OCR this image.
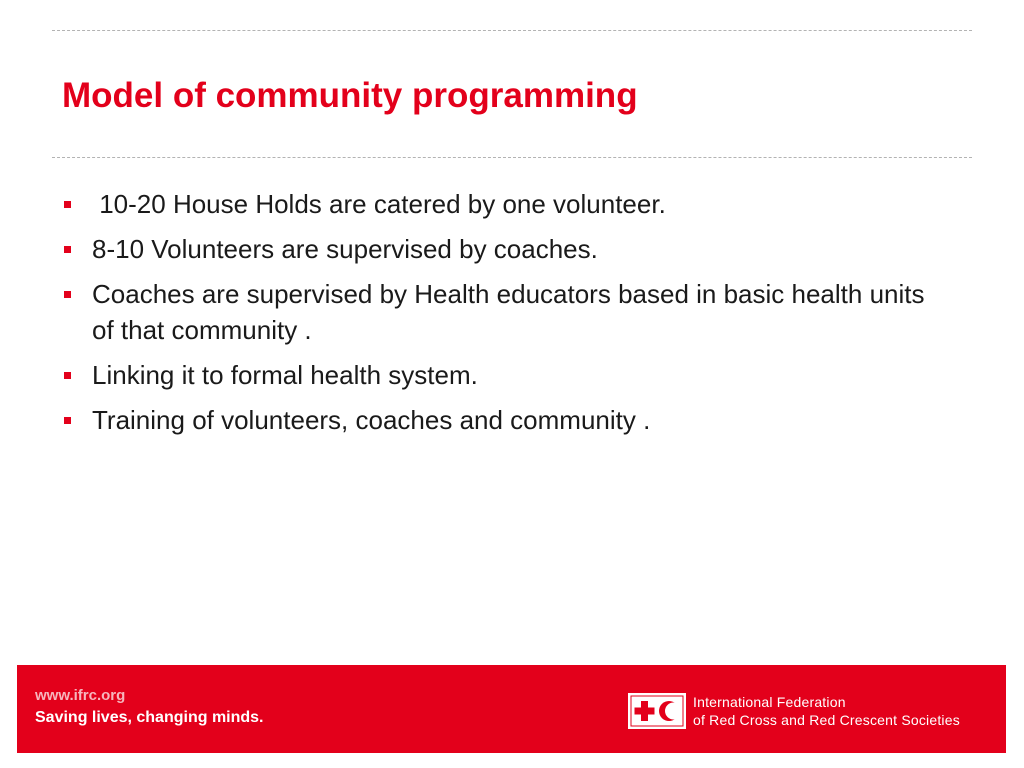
Model of community programming
10-20 House Holds are catered by one volunteer.
8-10 Volunteers are supervised by coaches.
Coaches are supervised by Health educators based in basic health units of that community .
Linking it to formal health system.
Training of volunteers, coaches and community .
www.ifrc.org
Saving lives, changing minds.
International Federation
of Red Cross and Red Crescent Societies
